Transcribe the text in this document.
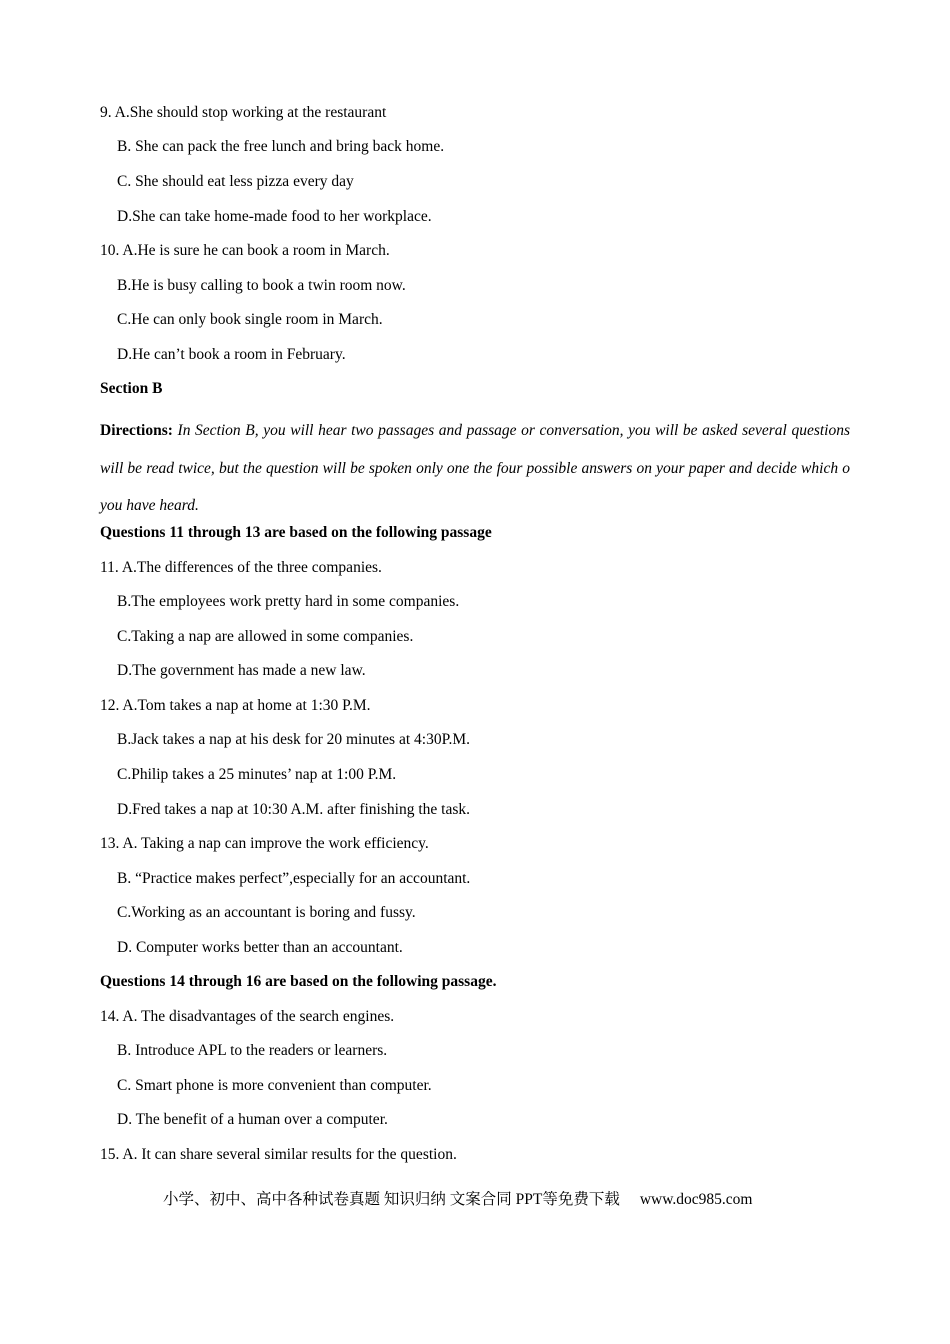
9. A.She should stop working at the restaurant
B. She can pack the free lunch and bring back home.
C. She should eat less pizza every day
D.She can take home-made food to her workplace.
10. A.He is sure he can book a room in March.
B.He is busy calling to book a twin room now.
C.He can only book single room in March.
D.He can’t book a room in February.
Section B
Directions: In Section B, you will hear two passages and passage or conversation, you will be asked several questions will be read twice, but the question will be spoken only one the four possible answers on your paper and decide which o you have heard.
Questions 11 through 13 are based on the following passage
11. A.The differences of the three companies.
B.The employees work pretty hard in some companies.
C.Taking a nap are allowed in some companies.
D.The government has made a new law.
12. A.Tom takes a nap at home at 1:30 P.M.
B.Jack takes a nap at his desk for 20 minutes at 4:30P.M.
C.Philip takes a 25 minutes’ nap at 1:00 P.M.
D.Fred takes a nap at 10:30 A.M. after finishing the task.
13. A. Taking a nap can improve the work efficiency.
B. “Practice makes perfect”,especially for an accountant.
C.Working as an accountant is boring and fussy.
D. Computer works better than an accountant.
Questions 14 through 16 are based on the following passage.
14. A. The disadvantages of the search engines.
B. Introduce APL to the readers or learners.
C. Smart phone is more convenient than computer.
D. The benefit of a human over a computer.
15. A. It can share several similar results for the question.
小学、初中、高中各种试卷真题 知识归纳 文案合同 PPT等免费下载 www.doc985.com
